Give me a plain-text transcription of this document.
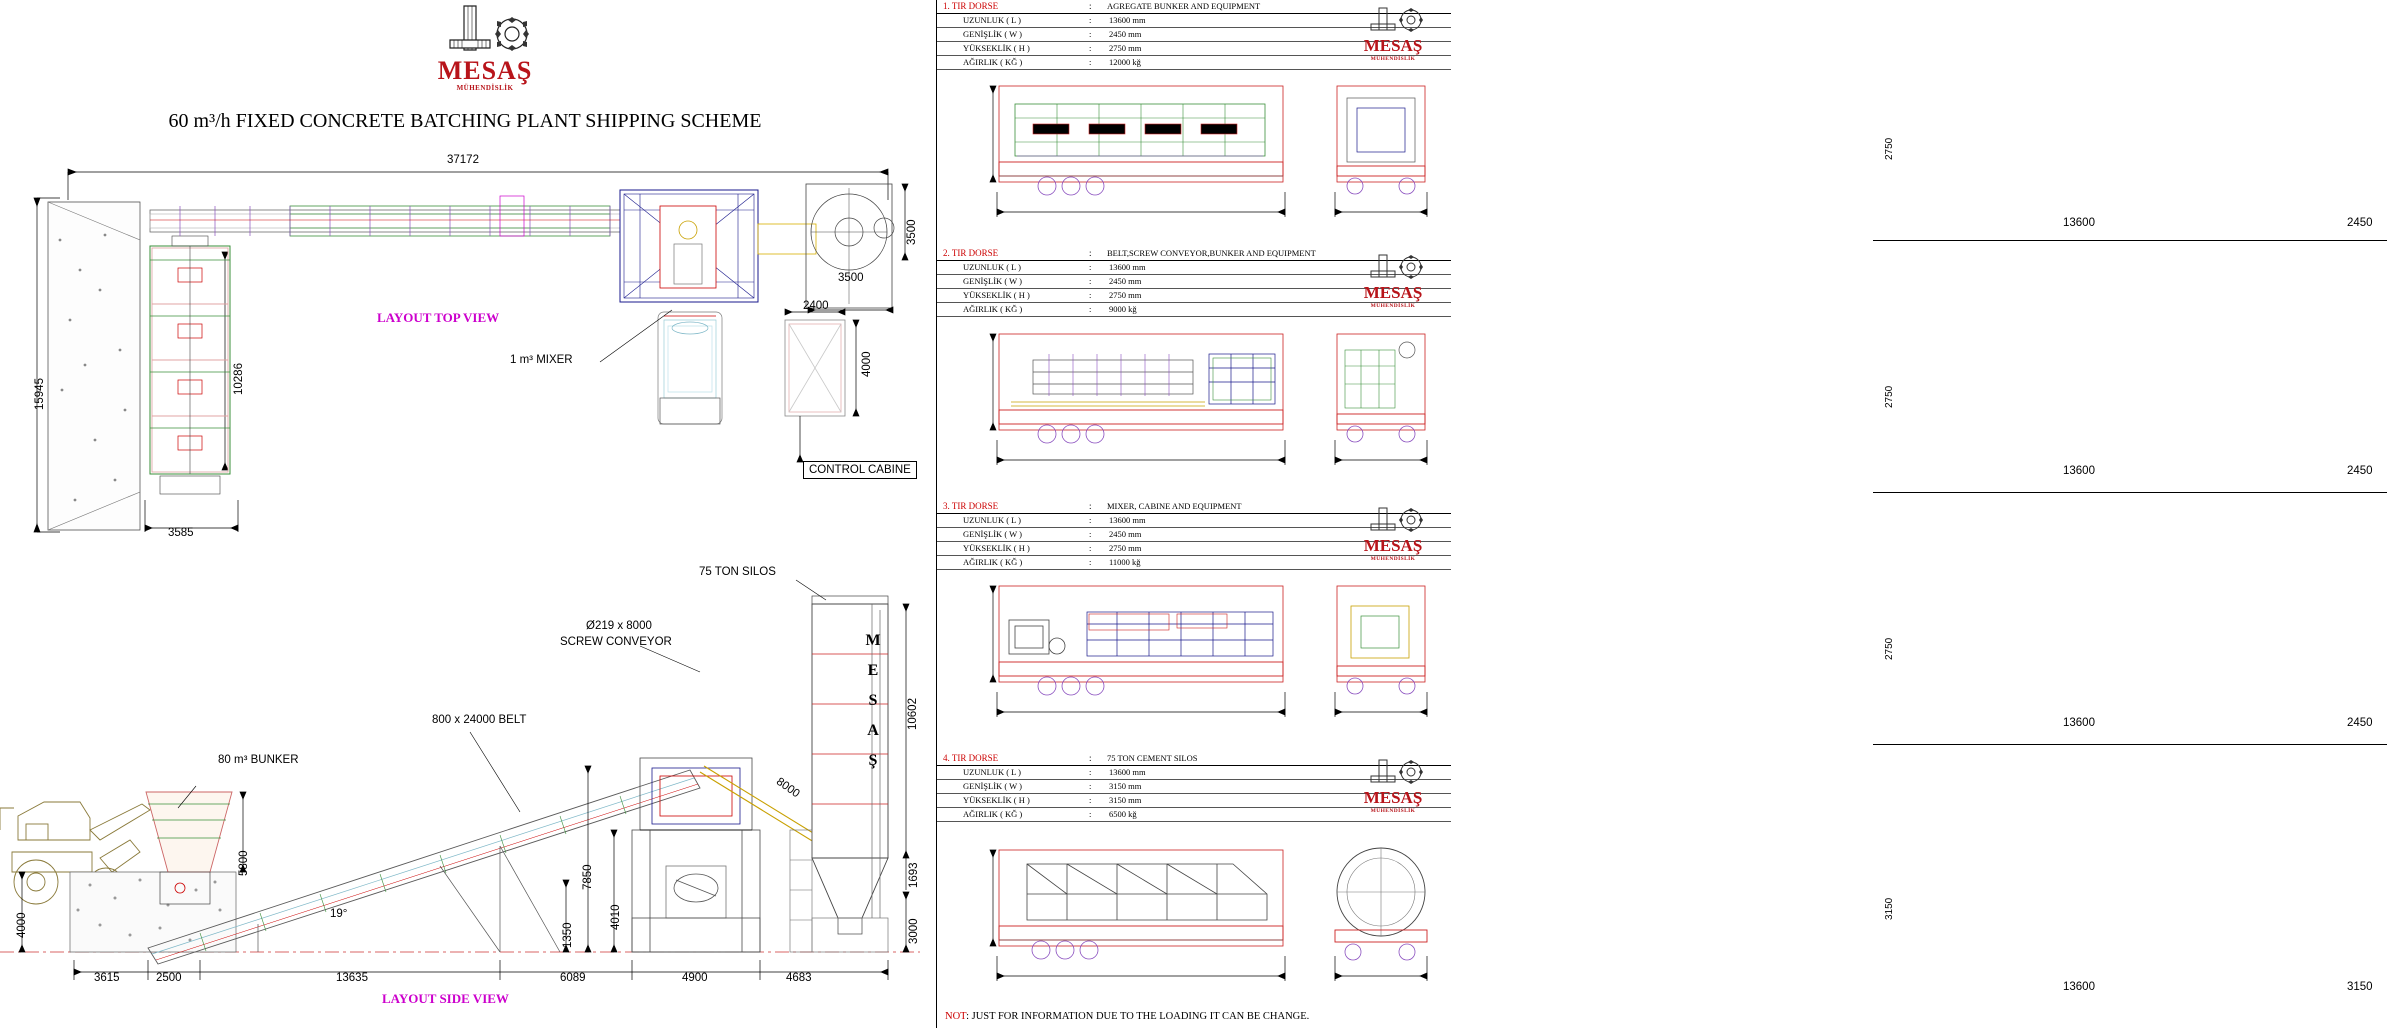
MESAŞ
MÜHENDİSLİK
60 m³/h FIXED CONCRETE BATCHING PLANT SHIPPING SCHEME
37172
15945	10286
3585
3500
3500
2400
4000
LAYOUT TOP VIEW
1 m³ MIXER
CONTROL CABINE
75 TON SILOS
Ø219 x 8000
SCREW CONVEYOR
800 x 24000 BELT
80 m³ BUNKER
5800
4000	19°
8000
10602
7850
4010
1350
1693
3000
3615	2500	13635	6089	4900	4683
M
E
S
A
Ş
LAYOUT SIDE VIEW
1. TIR DORSE	: AGREGATE BUNKER AND EQUIPMENT
UZUNLUK ( L )	: 13600 mm
GENİŞLİK ( W )	: 2450 mm
YÜKSEKLİK ( H )	: 2750 mm
AĞIRLIK ( KĞ )	: 12000 kğ
MESAŞ
MÜHENDİSLİK
2750
13600	2450
2. TIR DORSE	: BELT,SCREW CONVEYOR,BUNKER AND EQUIPMENT
UZUNLUK ( L )	: 13600 mm
GENİŞLİK ( W )	: 2450 mm
YÜKSEKLİK ( H )	: 2750 mm
AĞIRLIK ( KĞ )	: 9000 kğ
MESAŞ
MÜHENDİSLİK
2750
13600	2450
3. TIR DORSE	: MIXER, CABINE AND EQUIPMENT
UZUNLUK ( L )	: 13600 mm
GENİŞLİK ( W )	: 2450 mm
YÜKSEKLİK ( H )	: 2750 mm
AĞIRLIK ( KĞ )	: 11000 kğ
MESAŞ
MÜHENDİSLİK
2750
13600	2450
4. TIR DORSE	: 75 TON CEMENT SILOS
UZUNLUK ( L )	: 13600 mm
GENİŞLİK ( W )	: 3150 mm
YÜKSEKLİK ( H )	: 3150 mm
AĞIRLIK ( KĞ )	: 6500 kğ
MESAŞ
MÜHENDİSLİK
3150
13600	3150
NOT: JUST FOR INFORMATION DUE TO THE LOADING IT CAN BE CHANGE.
